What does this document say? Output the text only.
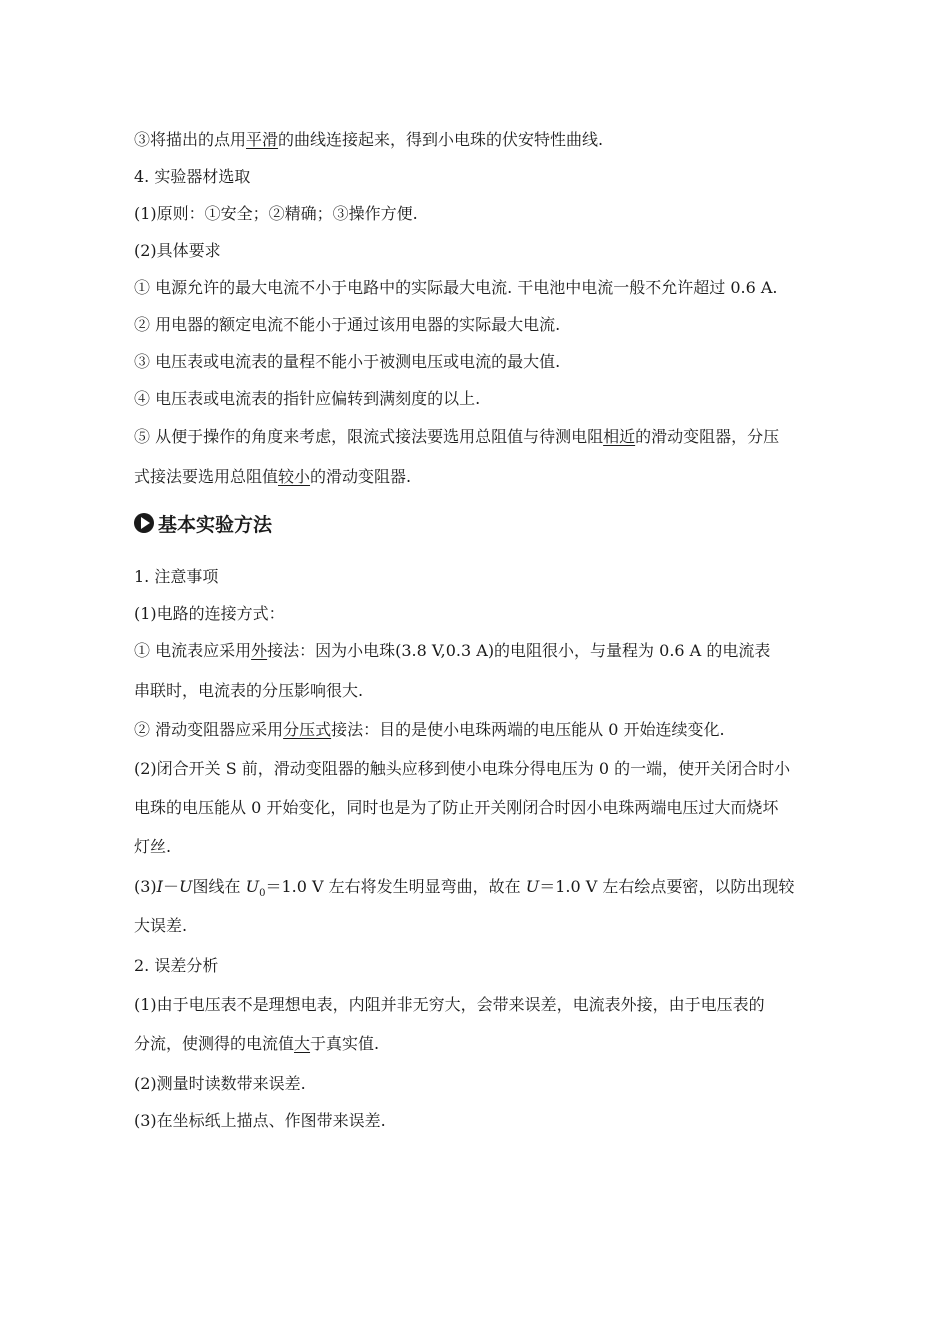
③将描出的点用平滑的曲线连接起来，得到小电珠的伏安特性曲线.
4. 实验器材选取
(1)原则：①安全；②精确；③操作方便.
(2)具体要求
① 电源允许的最大电流不小于电路中的实际最大电流. 干电池中电流一般不允许超过 0.6 A.
② 用电器的额定电流不能小于通过该用电器的实际最大电流.
③ 电压表或电流表的量程不能小于被测电压或电流的最大值.
④ 电压表或电流表的指针应偏转到满刻度的以上.
⑤ 从便于操作的角度来考虑，限流式接法要选用总阻值与待测电阻相近的滑动变阻器，分压
式接法要选用总阻值较小的滑动变阻器.
基本实验方法
1. 注意事项
(1)电路的连接方式：
① 电流表应采用外接法：因为小电珠(3.8 V,0.3 A)的电阻很小，与量程为 0.6 A 的电流表
串联时，电流表的分压影响很大.
② 滑动变阻器应采用分压式接法：目的是使小电珠两端的电压能从 0 开始连续变化.
(2)闭合开关 S 前，滑动变阻器的触头应移到使小电珠分得电压为 0 的一端，使开关闭合时小
电珠的电压能从 0 开始变化，同时也是为了防止开关刚闭合时因小电珠两端电压过大而烧坏
灯丝.
(3)I－U图线在 $U_0=1.0$ V 左右将发生明显弯曲，故在 U＝1.0 V 左右绘点要密，以防出现较
大误差.
2. 误差分析
(1)由于电压表不是理想电表，内阻并非无穷大，会带来误差，电流表外接，由于电压表的
分流，使测得的电流值大于真实值.
(2)测量时读数带来误差.
(3)在坐标纸上描点、作图带来误差.
